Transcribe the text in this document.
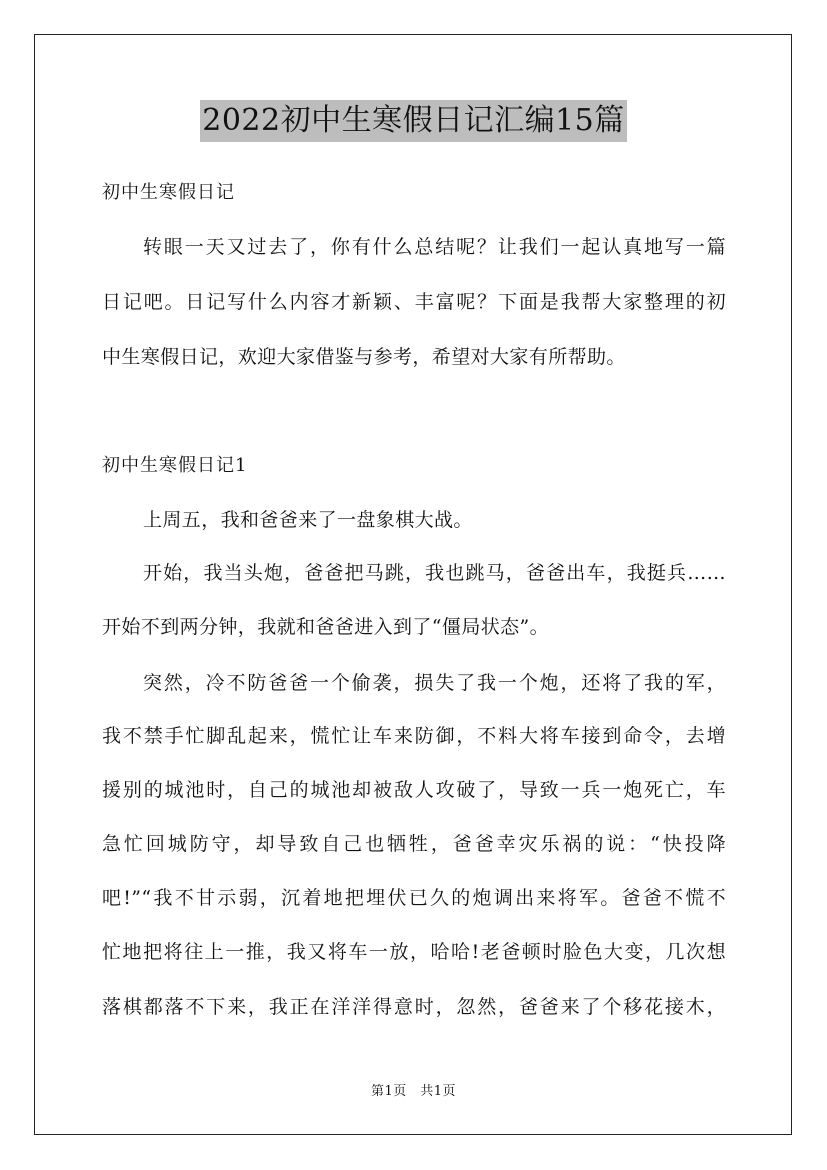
2022初中生寒假日记汇编15篇
初中生寒假日记
转眼一天又过去了，你有什么总结呢？让我们一起认真地写一篇
日记吧。日记写什么内容才新颖、丰富呢？下面是我帮大家整理的初
中生寒假日记，欢迎大家借鉴与参考，希望对大家有所帮助。
初中生寒假日记1
上周五，我和爸爸来了一盘象棋大战。
开始，我当头炮，爸爸把马跳，我也跳马，爸爸出车，我挺兵……
开始不到两分钟，我就和爸爸进入到了“僵局状态”。
突然，冷不防爸爸一个偷袭，损失了我一个炮，还将了我的军，
我不禁手忙脚乱起来，慌忙让车来防御，不料大将车接到命令，去增
援别的城池时，自己的城池却被敌人攻破了，导致一兵一炮死亡，车
急忙回城防守，却导致自己也牺牲，爸爸幸灾乐祸的说：“快投降
吧!”“我不甘示弱，沉着地把埋伏已久的炮调出来将军。爸爸不慌不
忙地把将往上一推，我又将车一放，哈哈!老爸顿时脸色大变，几次想
落棋都落不下来，我正在洋洋得意时，忽然，爸爸来了个移花接木，
第1页　共1页
